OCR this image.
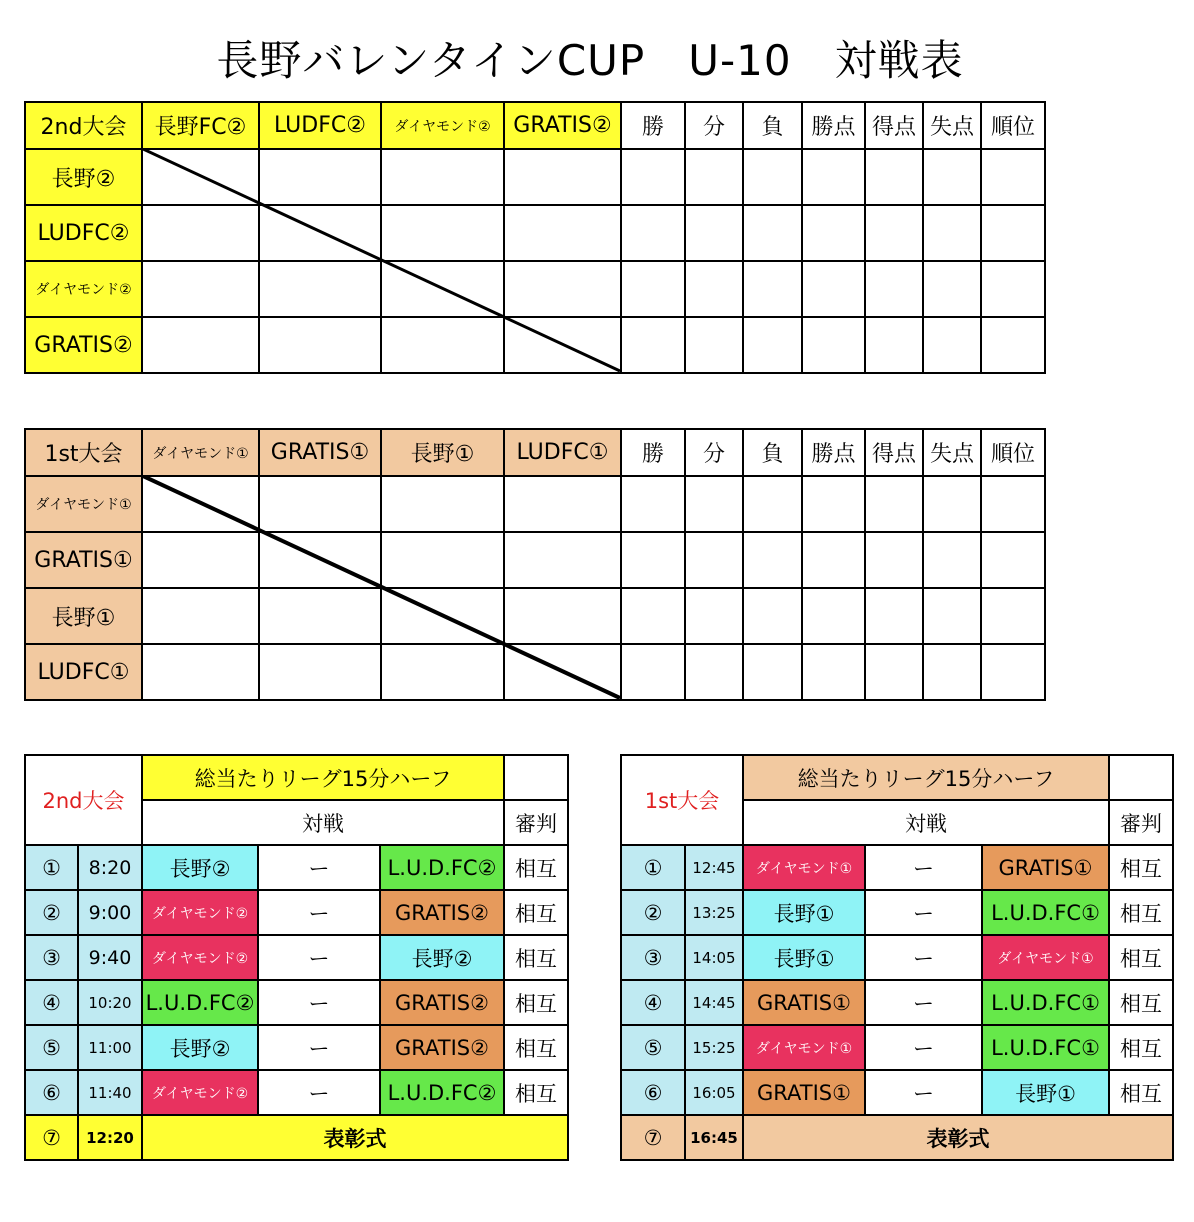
長野バレンタインCUP　U-10　対戦表
2nd大会	長野FC②	LUDFC②	ダイヤモンド②	GRATIS②	勝	分	負	勝点	得点	失点	順位
長野②											
LUDFC②											
ダイヤモンド②											
GRATIS②											
1st大会	ダイヤモンド①	GRATIS①	長野①	LUDFC①	勝	分	負	勝点	得点	失点	順位
ダイヤモンド①											
GRATIS①											
長野①											
LUDFC①											
2nd大会		総当たりリーグ15分ハーフ			
		対戦			審判
①	8:20	長野②	ー	L.U.D.FC②	相互
②	9:00	ダイヤモンド②	ー	GRATIS②	相互
③	9:40	ダイヤモンド②	ー	長野②	相互
④	10:20	L.U.D.FC②	ー	GRATIS②	相互
⑤	11:00	長野②	ー	GRATIS②	相互
⑥	11:40	ダイヤモンド②	ー	L.U.D.FC②	相互
⑦	12:20	表彰式			
1st大会		総当たりリーグ15分ハーフ			
		対戦			審判
①	12:45	ダイヤモンド①	ー	GRATIS①	相互
②	13:25	長野①	ー	L.U.D.FC①	相互
③	14:05	長野①	ー	ダイヤモンド①	相互
④	14:45	GRATIS①	ー	L.U.D.FC①	相互
⑤	15:25	ダイヤモンド①	ー	L.U.D.FC①	相互
⑥	16:05	GRATIS①	ー	長野①	相互
⑦	16:45	表彰式			
